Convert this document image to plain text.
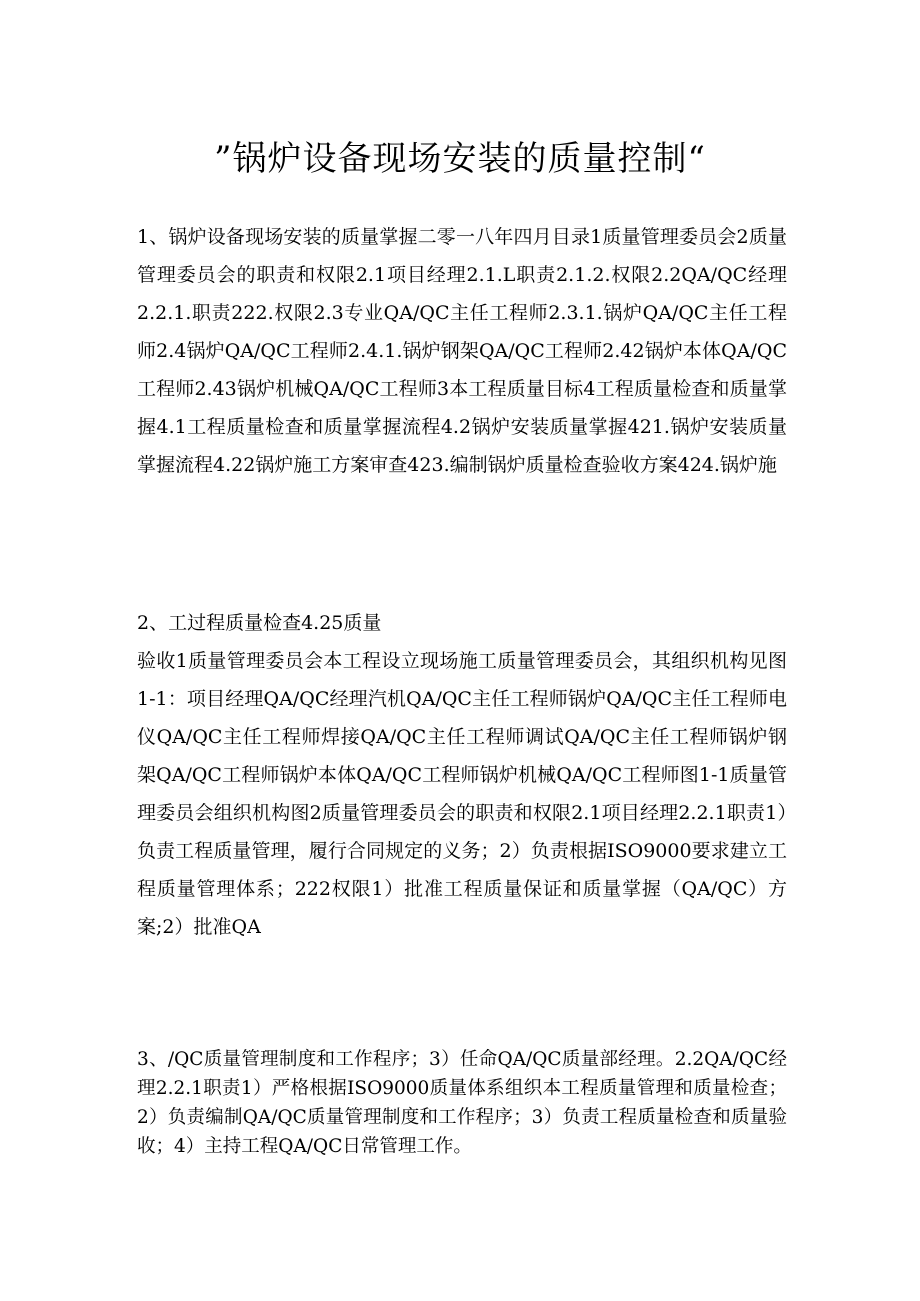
”锅炉设备现场安装的质量控制“

1、锅炉设备现场安装的质量掌握二零一八年四月目录1质量管理委员会2质量管理委员会的职责和权限2.1项目经理2.1.L职责2.1.2.权限2.2QA/QC经理2.2.1.职责222.权限2.3专业QA/QC主任工程师2.3.1.锅炉QA/QC主任工程师2.4锅炉QA/QC工程师2.4.1.锅炉钢架QA/QC工程师2.42锅炉本体QA/QC工程师2.43锅炉机械QA/QC工程师3本工程质量目标4工程质量检查和质量掌握4.1工程质量检查和质量掌握流程4.2锅炉安装质量掌握421.锅炉安装质量掌握流程4.22锅炉施工方案审查423.编制锅炉质量检查验收方案424.锅炉施

2、工过程质量检查4.25质量
验收1质量管理委员会本工程设立现场施工质量管理委员会，其组织机构见图1-1：项目经理QA/QC经理汽机QA/QC主任工程师锅炉QA/QC主任工程师电仪QA/QC主任工程师焊接QA/QC主任工程师调试QA/QC主任工程师锅炉钢架QA/QC工程师锅炉本体QA/QC工程师锅炉机械QA/QC工程师图1-1质量管理委员会组织机构图2质量管理委员会的职责和权限2.1项目经理2.2.1职责1）负责工程质量管理，履行合同规定的义务；2）负责根据ISO9000要求建立工程质量管理体系；222权限1）批准工程质量保证和质量掌握（QA/QC）方案;2）批准QA

3、/QC质量管理制度和工作程序；3）任命QA/QC质量部经理。2.2QA/QC经理2.2.1职责1）严格根据ISO9000质量体系组织本工程质量管理和质量检查；2）负责编制QA/QC质量管理制度和工作程序；3）负责工程质量检查和质量验收；4）主持工程QA/QC日常管理工作。
